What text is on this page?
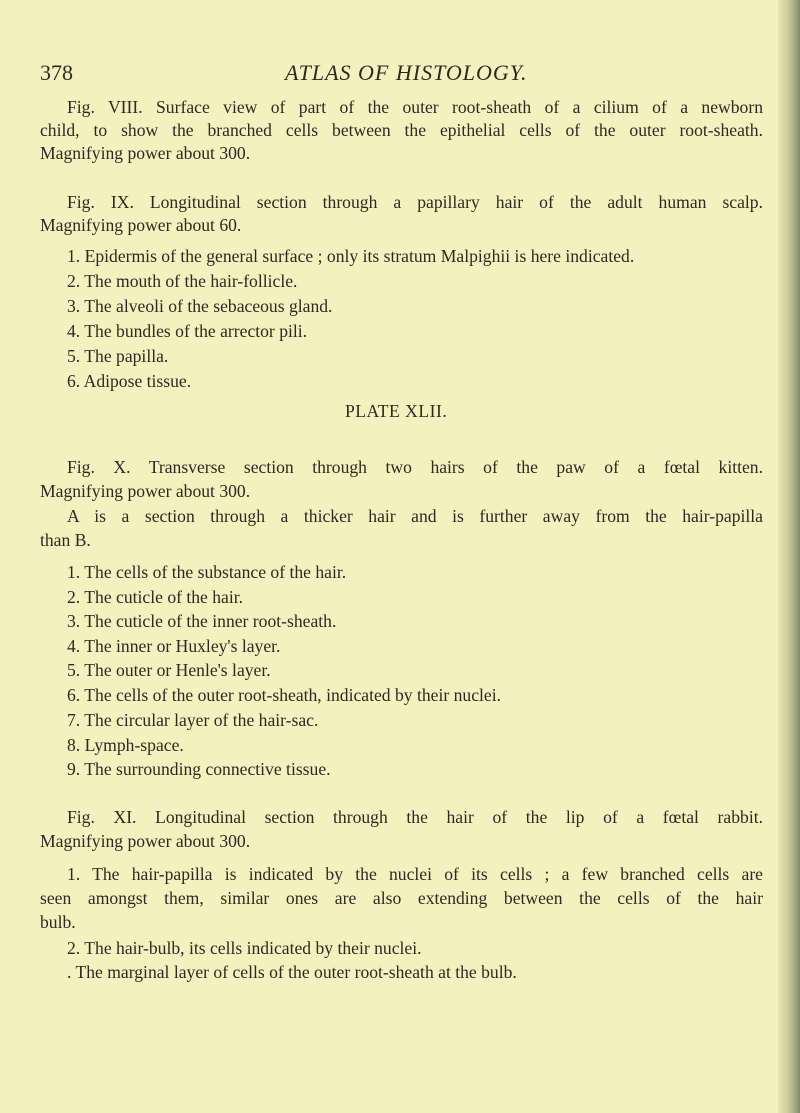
378	ATLAS OF HISTOLOGY.
Fig. VIII. Surface view of part of the outer root-sheath of a cilium of a newborn
child, to show the branched cells between the epithelial cells of the outer root-sheath.
Magnifying power about 300.
Fig. IX. Longitudinal section through a papillary hair of the adult human scalp.
Magnifying power about 60.
1. Epidermis of the general surface ; only its stratum Malpighii is here indicated.
2. The mouth of the hair-follicle.
3. The alveoli of the sebaceous gland.
4. The bundles of the arrector pili.
5. The papilla.
6. Adipose tissue.
PLATE XLII.
Fig. X. Transverse section through two hairs of the paw of a fœtal kitten.
Magnifying power about 300.
A is a section through a thicker hair and is further away from the hair-papilla
than B.
1. The cells of the substance of the hair.
2. The cuticle of the hair.
3. The cuticle of the inner root-sheath.
4. The inner or Huxley's layer.
5. The outer or Henle's layer.
6. The cells of the outer root-sheath, indicated by their nuclei.
7. The circular layer of the hair-sac.
8. Lymph-space.
9. The surrounding connective tissue.
Fig. XI. Longitudinal section through the hair of the lip of a fœtal rabbit.
Magnifying power about 300.
1. The hair-papilla is indicated by the nuclei of its cells ; a few branched cells are
seen amongst them, similar ones are also extending between the cells of the hair
bulb.
2. The hair-bulb, its cells indicated by their nuclei.
. The marginal layer of cells of the outer root-sheath at the bulb.
